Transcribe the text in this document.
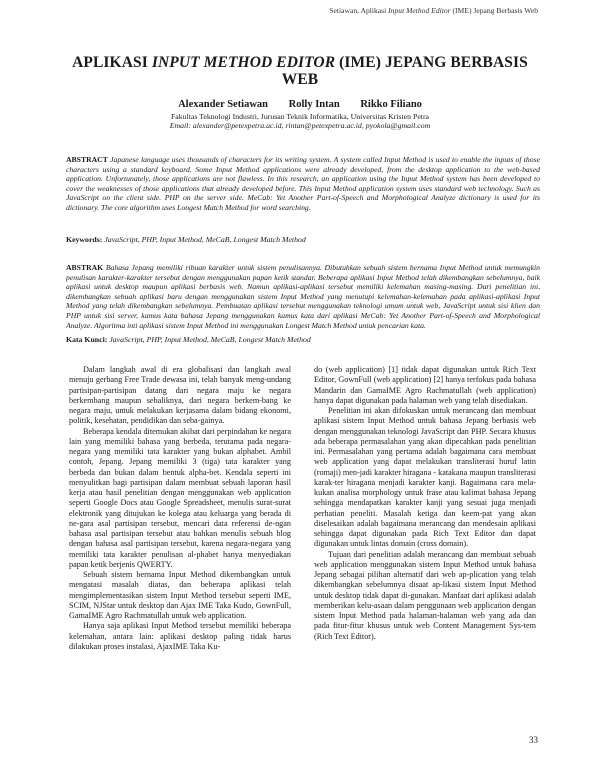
Setiawan, Aplikasi Input Method Editor (IME) Jepang Berbasis Web
APLIKASI INPUT METHOD EDITOR (IME) JEPANG BERBASIS WEB
Alexander Setiawan Rolly Intan Rikko Filiano
Fakultas Teknologi Industri, Jurusan Teknik Informatika, Universitas Kristen Petra
Email: alexander@petexpetra.ac.id, rintan@petexpetra.ac.id, pyokola@gmail.com
ABSTRACT Japanese language uses thousands of characters for its writing system. A system called Input Method is used to enable the inputs of those characters using a standard keyboard. Some Input Method applications were already developed, from the desktop application to the web-based application. Unfortunately, those applications are not flawless. In this research, an application using the Input Method system has been developed to cover the weaknesses of those applications that already developed before. This Input Method application system uses standard web technology. Such as JavaScript on the client side. PHP on the server side. MeCab: Yet Another Part-of-Speech and Morphological Analyze dictionary is used for its dictionary. The core algorithm uses Longest Match Method for word searching.
Keywords: JavaScript, PHP, Input Method, MeCaB, Longest Match Method
ABSTRAK Bahasa Jepang memiliki ribuan karakter untuk sistem penulisannya. Dibutuhkan sebuah sistem bernama Input Method untuk memungkin penulisan karakter-karakter tersebut dengan menggunakan papan ketik standar. Beberapa aplikasi Input Method telah dikembangkan sebelumnya, baik aplikasi untuk desktop maupun aplikasi berbasis web. Namun aplikasi-aplikasi tersebut memiliki kelemahan masing-masing. Dari penelitian ini, dikembangkan sebuah aplikasi baru dengan menggunakan sistem Input Method yang menutupi kelemahan-kelemahan pada aplikasi-aplikasi Input Method yang telah dikembangkan sebelumnya. Pembuatan aplikasi tersebut menggunakan teknologi umum untuk web, JavaScript untuk sisi klien dan PHP untuk sisi server, kamus kata bahasa Jepang menggunakan kamus kata dari aplikasi MeCab: Yet Another Part-of-Speech and Morphological Analyze. Algoritma inti aplikasi sistem Input Method ini menggunakan Longest Match Method untuk pencarian kata.
Kata Kunci: JavaScript, PHP, Input Method, MeCaB, Longest Match Method

Dalam langkah awal di era globalisasi dan langkah awal menuju gerbang Free Trade dewasa ini, telah banyak meng-undang partisipan-partisipan datang dari negara maju ke negara berkembang maupun sebaliknya, dari negara berkem-bang ke negara maju, untuk melakukan kerjasama dalam bidang ekonomi, politik, kesehatan, pendidikan dan seba-gainya.

Beberapa kendala ditemukan akibat dari perpindahan ke negara lain yang memiliki bahasa yang berbeda, terutama pada negara-negara yang memiliki tata karakter yang bukan alphabet. Ambil contoh, Jepang. Jepang memiliki 3 (tiga) tata karakter yang berbeda dan bukan dalam bentuk alpha-bet. Kendala seperti ini menyulitkan bagi partisipan dalam membuat sebuah laporan hasil kerja atau hasil penelitian dengan menggunakan web application seperti Google Docs atau Google Spreadsheet, menulis surat-surat elektronik yang ditujukan ke kolega atau keluarga yang berada di ne-gara asal partisipan tersebut, mencari data referensi de-ngan bahasa asal partisipan tersebut atau bahkan menulis sebuah blog dengan bahasa asal partisipan tersebut, karena negara-negara yang memiliki tata karakter penulisan al-phabet hanya menyediakan papan ketik berjenis QWERTY.

Sebuah sistem bernama Input Method dikembangkan untuk mengatasi masalah diatas, dan beberapa aplikasi telah mengimplementasikan sistem Input Method tersebut seperti IME, SCIM, NJStar untuk desktop dan Ajax IME Taka Kudo, GownFull, GamaIME Agro Rachmatullah untuk web application.

Hanya saja aplikasi Input Method tersebut memiliki beberapa kelemahan, antara lain: aplikasi desktop paling tidak harus dilakukan proses instalasi, AjaxIME Taka Ku-

do (web application) [1] tidak dapat digunakan untuk Rich Text Editor, GownFull (web application) [2] hanya terfokus pada bahasa Mandarin dan GamaIME Agro Rachmatullah (web application) hanya dapat digunakan pada halaman web yang telah disediakan.

Penelitian ini akan difokuskan untuk merancang dan membuat aplikasi sistem Input Method untuk bahasa Jepang berbasis web dengan menggunakan teknologi JavaScript dan PHP. Secara khusus ada beberapa permasalahan yang akan dipecahkan pada penelitian ini. Permasalahan yang pertama adalah bagaimana cara membuat web application yang dapat melakukan transliterasi huruf latin (romaji) men-jadi karakter hiragana - katakana maupun transliterasi karak-ter hiragana menjadi karakter kanji. Bagaimana cara mela-kukan analisa morphology untuk frase atau kalimat bahasa Jepang sehingga mendapatkan karakter kanji yang sesuai juga menjadi perhatian peneliti. Masalah ketiga dan keem-pat yang akan diselesaikan adalah bagaimana merancang dan mendesain aplikasi sehingga dapat digunakan pada Rich Text Editor dan dapat digunakan untuk lintas domain (cross domain).

Tujuan dari penelitian adalah merancang dan membuat sebuah web application menggunakan sistem Input Method untuk bahasa Jepang sebagai pilihan alternatif dari web ap-plication yang telah dikembangkan sebelumnya disaat ap-likasi sistem Input Method untuk desktop tidak dapat di-gunakan. Manfaat dari aplikasi adalah memberikan kelu-asaan dalam penggunaan web application dengan sistem Input Method pada halaman-halaman web yang ada dan pada fitur-fitur khusus untuk web Content Management Sys-tem (Rich Text Editor).

33
